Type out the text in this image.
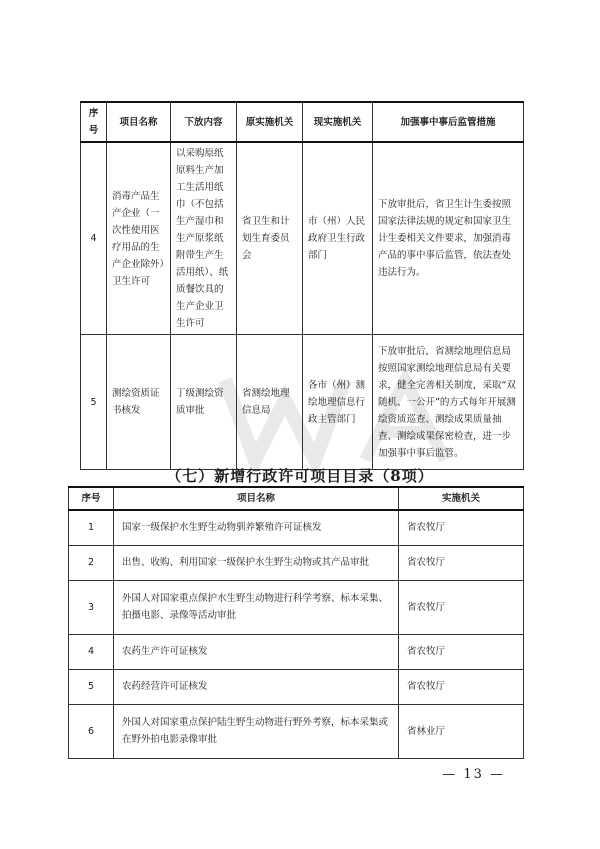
序号	项目名称	下放内容	原实施机关	现实施机关	加强事中事后监管措施
4	消毒产品生产企业（一次性使用医疗用品的生产企业除外）卫生许可	以采购原纸原料生产加工生活用纸巾（不包括生产湿巾和生产原浆纸附带生产生活用纸）、纸质餐饮具的生产企业卫生许可	省卫生和计划生育委员会	市（州）人民政府卫生行政部门	下放审批后，省卫生计生委按照国家法律法规的规定和国家卫生计生委相关文件要求，加强消毒产品的事中事后监管，依法查处违法行为。
5	测绘资质证书核发	丁级测绘资质审批	省测绘地理信息局	各市（州）测绘地理信息行政主管部门	下放审批后，省测绘地理信息局按照国家测绘地理信息局有关要求，健全完善相关制度，采取“双随机、一公开”的方式每年开展测绘资质巡查、测绘成果质量抽查、测绘成果保密检查，进一步加强事中事后监管。
（七）新增行政许可项目目录（8项）
序号	项目名称	实施机关
1	国家一级保护水生野生动物驯养繁殖许可证核发	省农牧厅
2	出售、收购、利用国家一级保护水生野生动物或其产品审批	省农牧厅
3	外国人对国家重点保护水生野生动物进行科学考察、标本采集、拍摄电影、录像等活动审批	省农牧厅
4	农药生产许可证核发	省农牧厅
5	农药经营许可证核发	省农牧厅
6	外国人对国家重点保护陆生野生动物进行野外考察，标本采集或在野外拍电影录像审批	省林业厅
— 13 —
